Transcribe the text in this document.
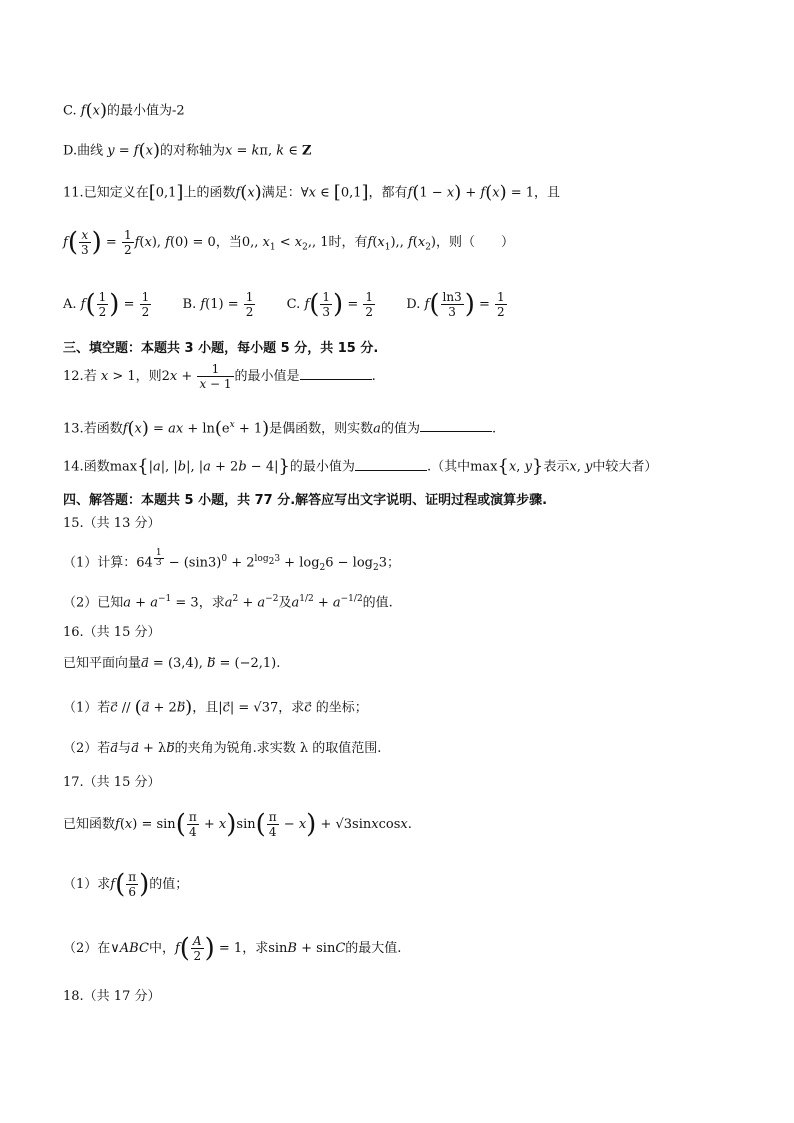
C. f(x)的最小值为-2
D.曲线 y = f(x)的对称轴为x = kπ, k ∈ Z
11.已知定义在[0,1]上的函数f(x)满足：∀x ∈ [0,1]，都有f(1 − x) + f(x) = 1，且
$f( \frac{x}{3}$ ) = $\frac{1}{2} f(x)$, f(0) = 0，当0,, $x_1 < x_2$,, 1时，有$f(x_1)$,, $f(x_2)$，则（　　）
A. $f( \frac{1}{2}$ ) = $\frac{1}{2} B$. $f(1) = \frac{1}{2} C$. $f( \frac{1}{3}$ ) = $\frac{1}{2} D$. $f( \frac{\ln 3}{3}$ ) = $\frac{1}{2}$
三、填空题：本题共 3 小题，每小题 5 分，共 15 分.
12.若 x > 1，则$2x + \frac{1}{x - 1}$ 的最小值是	.
13.若函数f(x) = ax + $\ln(e^x + 1)$是偶函数，则实数a的值为	.
14.函数max{|a|, |b|, |a + 2b − 4|}的最小值为	.（其中max{x, y}表示x, y中较大者）
四、解答题：本题共 5 小题，共 77 分.解答应写出文字说明、证明过程或演算步骤.
15.（共 13 分）
（1）计算：64 $^{\frac{1}{3}} - (\sin 3)^0 + 2^{log_23} + \log_26 - \log_23$；
（2）已知$a + a^{-1} = 3$，求$a^2 + a^{-2}$及$a^{1/2} + a^{-1/2}$的值.
16.（共 15 分）
已知平面向量a⃗ = (3,4), b⃗ = (−2,1).
（1）若c⃗ // (a⃗ + 2b)，且|c⃗| = √37，求c⃗ 的坐标；
（2）若a与a⃗ + λb的夹角为锐角.求实数 λ 的取值范围.
17.（共 15 分）
已知函数$f(x) = \sin( \frac{\pi}{4} + x)\sin( \frac{\pi}{4} - x)$ + √3sinxcosx.
（1）求$f( \frac{\pi}{6}$ )的值；
（2）在∨ABC中，$f( \frac{A}{2}$ ) = 1，求sinB + sinC的最大值.
18.（共 17 分）
